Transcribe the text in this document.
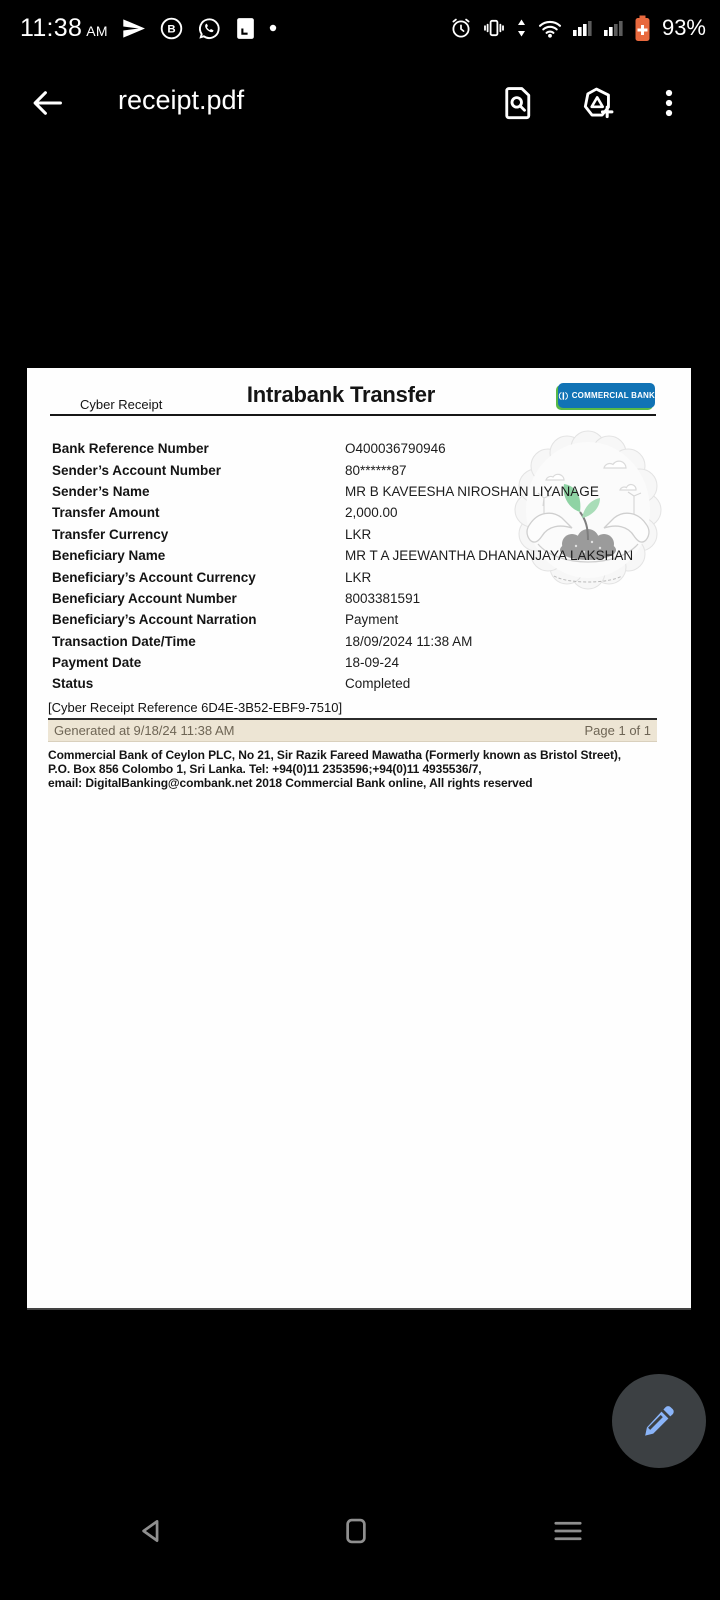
11:38 AM	B	93%
receipt.pdf
Cyber Receipt	Intrabank Transfer	COMMERCIAL BANK
Bank Reference Number	O400036790946
Sender’s Account Number	80******87
Sender’s Name	MR B KAVEESHA NIROSHAN LIYANAGE
Transfer Amount	2,000.00
Transfer Currency	LKR
Beneficiary Name	MR T A JEEWANTHA DHANANJAYA LAKSHAN
Beneficiary’s Account Currency	LKR
Beneficiary Account Number	8003381591
Beneficiary’s Account Narration	Payment
Transaction Date/Time	18/09/2024 11:38 AM
Payment Date	18-09-24
Status	Completed
[Cyber Receipt Reference 6D4E-3B52-EBF9-7510]
Generated at 9/18/24 11:38 AM	Page 1 of 1
Commercial Bank of Ceylon PLC, No 21, Sir Razik Fareed Mawatha (Formerly known as Bristol Street),
P.O. Box 856 Colombo 1, Sri Lanka. Tel: +94(0)11 2353596;+94(0)11 4935536/7,
email: DigitalBanking@combank.net 2018 Commercial Bank online, All rights reserved
